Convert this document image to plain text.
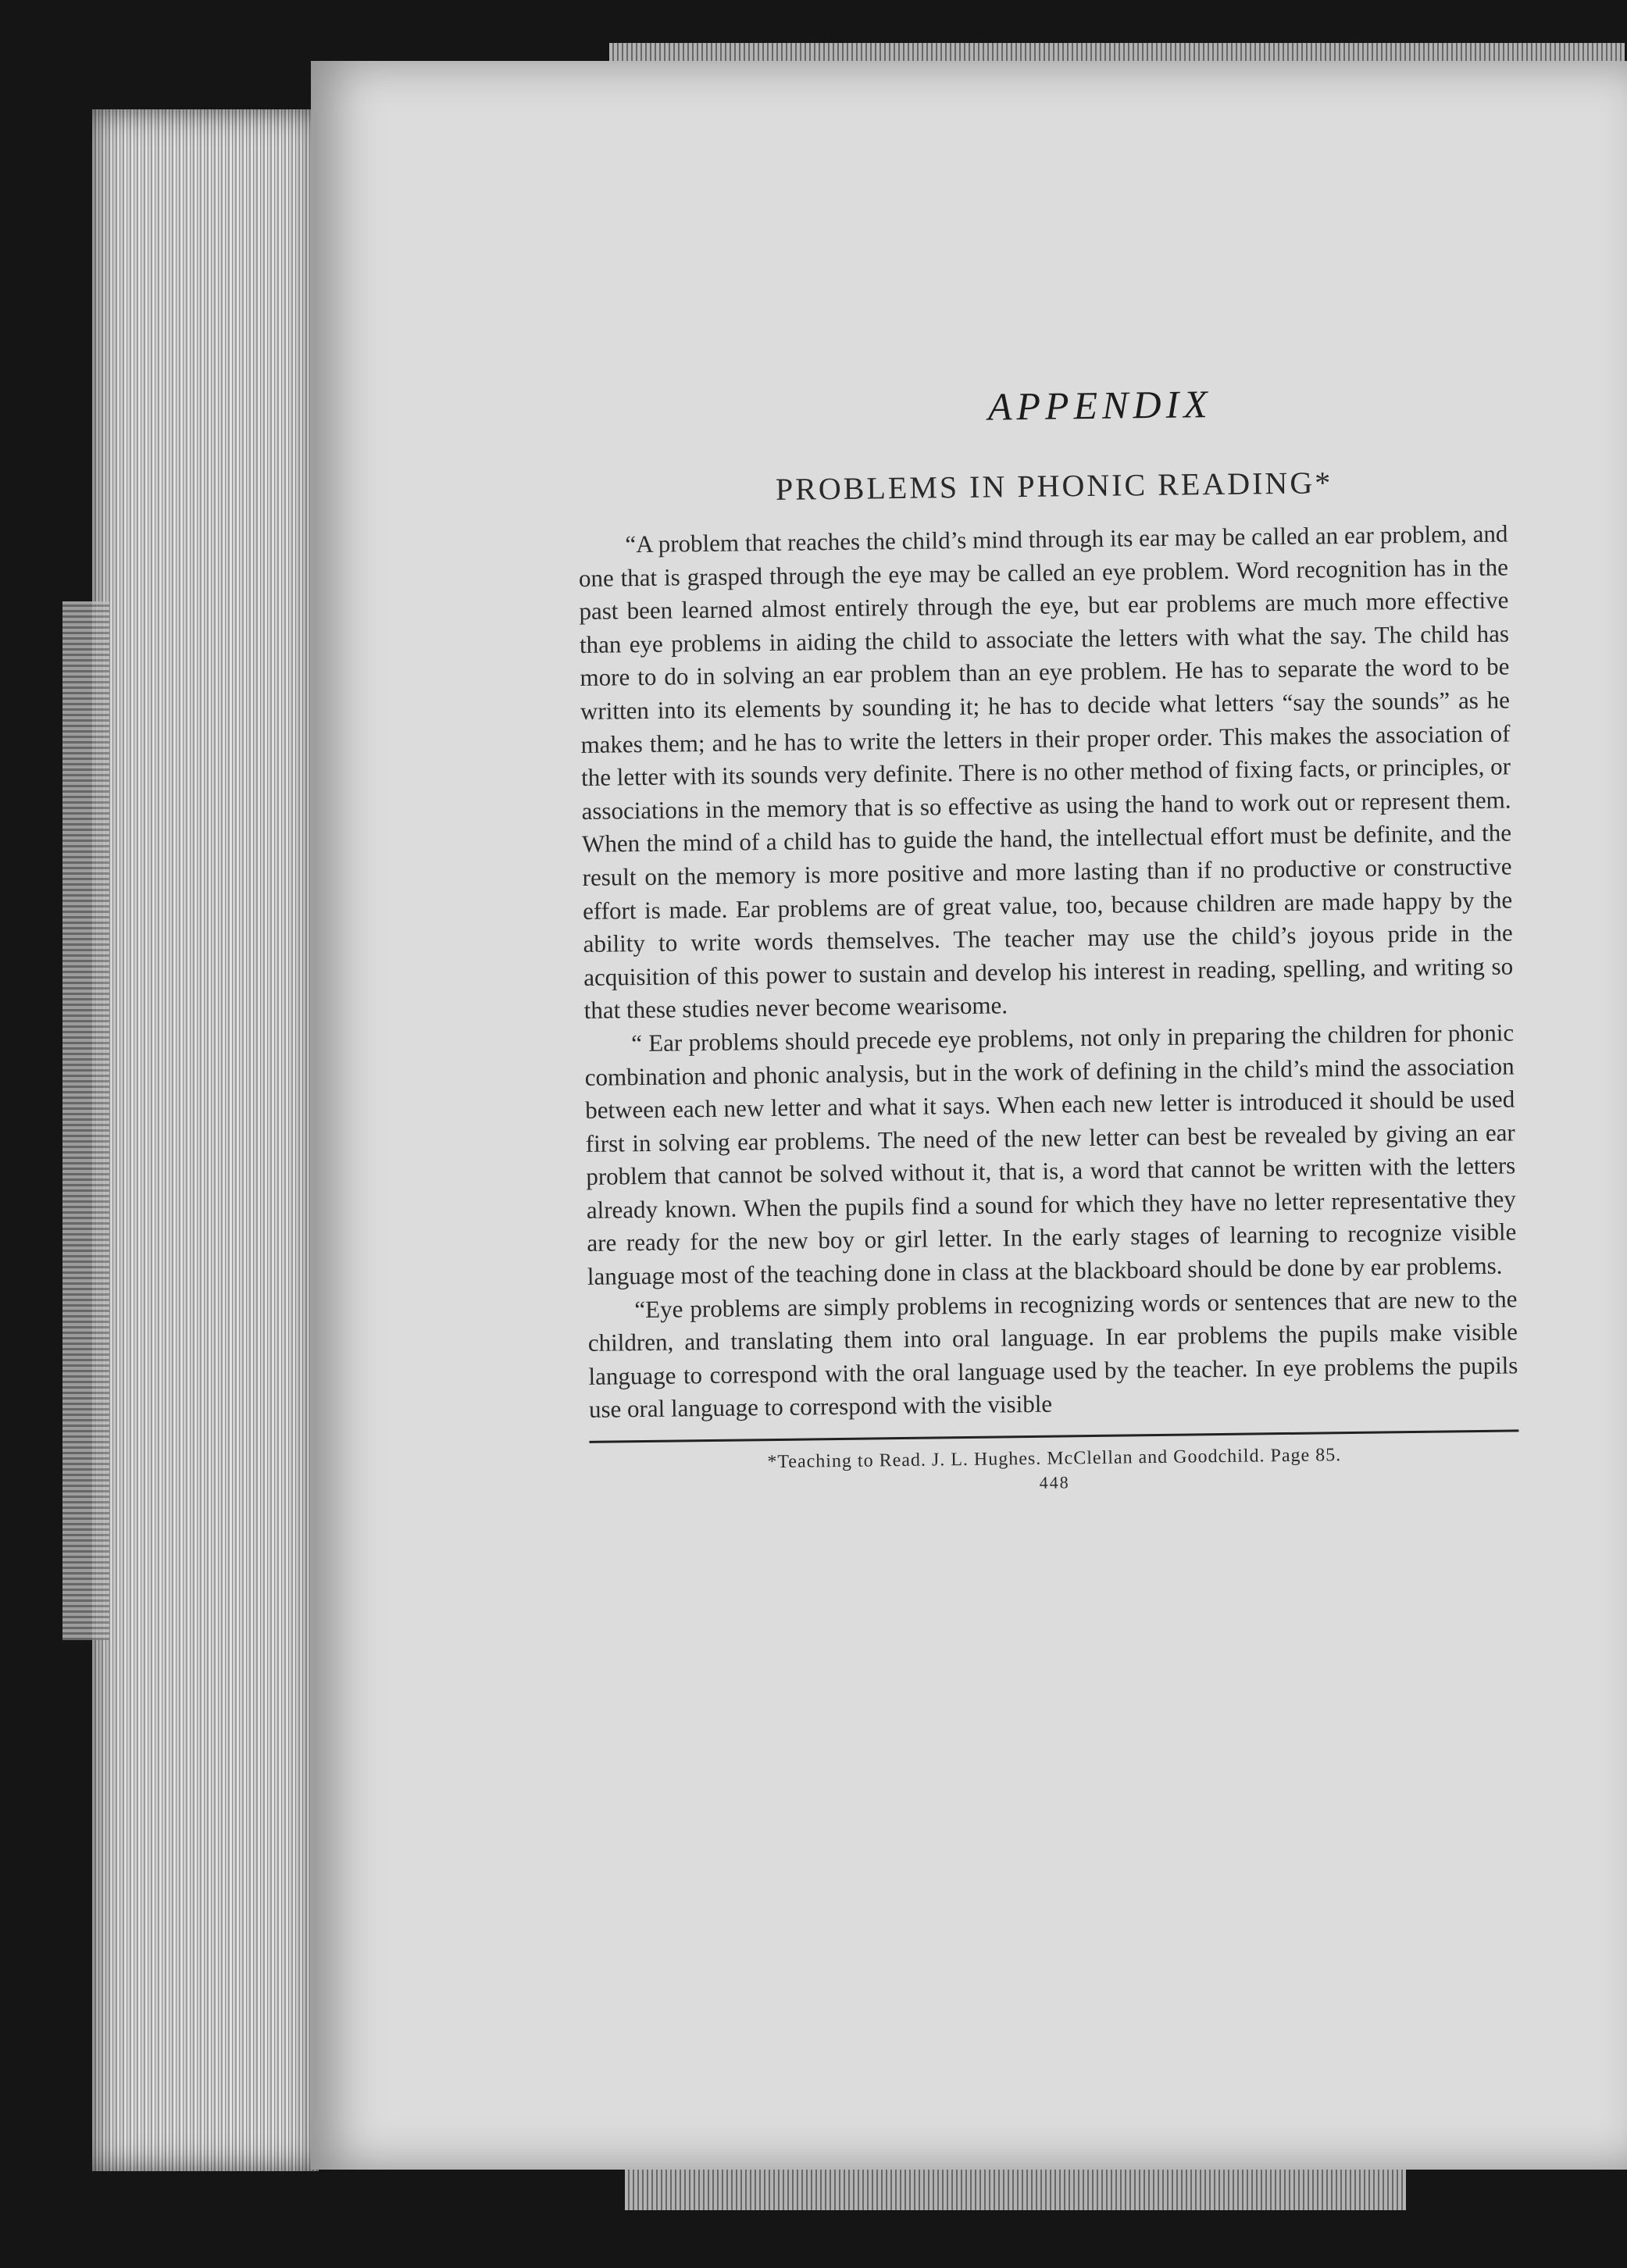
APPENDIX
PROBLEMS IN PHONIC READING*

“A problem that reaches the child’s mind through its ear may be called an ear problem, and one that is grasped through the eye may be called an eye problem. Word recognition has in the past been learned almost entirely through the eye, but ear problems are much more effective than eye problems in aiding the child to associate the letters with what the say. The child has more to do in solving an ear problem than an eye problem. He has to separate the word to be written into its elements by sounding it; he has to decide what letters “say the sounds” as he makes them; and he has to write the letters in their proper order. This makes the association of the letter with its sounds very definite. There is no other method of fixing facts, or principles, or associations in the memory that is so effective as using the hand to work out or represent them. When the mind of a child has to guide the hand, the intellectual effort must be definite, and the result on the memory is more positive and more lasting than if no productive or constructive effort is made. Ear problems are of great value, too, because children are made happy by the ability to write words themselves. The teacher may use the child’s joyous pride in the acquisition of this power to sustain and develop his interest in reading, spelling, and writing so that these studies never become wearisome.

“ Ear problems should precede eye problems, not only in preparing the children for phonic combination and phonic analysis, but in the work of defining in the child’s mind the association between each new letter and what it says. When each new letter is introduced it should be used first in solving ear problems. The need of the new letter can best be revealed by giving an ear problem that cannot be solved without it, that is, a word that cannot be written with the letters already known. When the pupils find a sound for which they have no letter representative they are ready for the new boy or girl letter. In the early stages of learning to recognize visible language most of the teaching done in class at the blackboard should be done by ear problems.

“Eye problems are simply problems in recognizing words or sentences that are new to the children, and translating them into oral language. In ear problems the pupils make visible language to correspond with the oral language used by the teacher. In eye problems the pupils use oral language to correspond with the visible

*Teaching to Read. J. L. Hughes. McClellan and Goodchild. Page 85.

448
